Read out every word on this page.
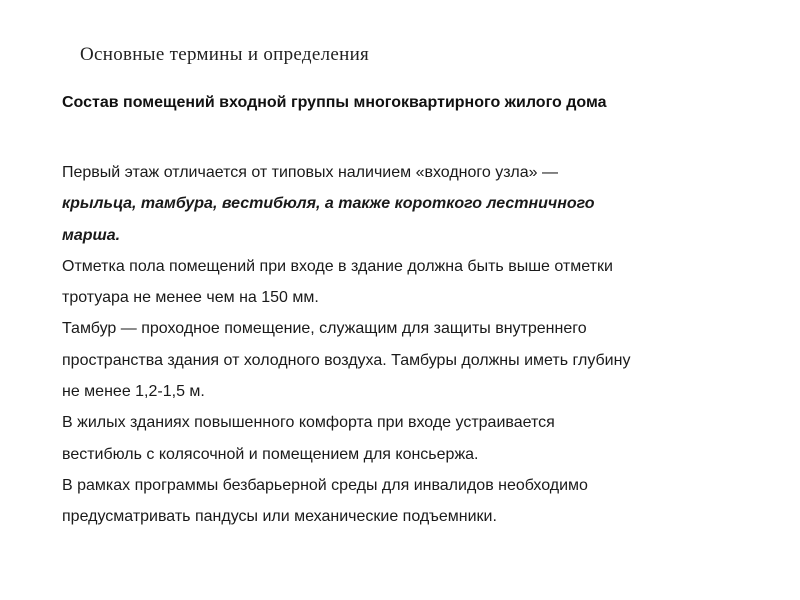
Основные термины и определения
Состав помещений входной группы многоквартирного жилого дома

Первый этаж отличается от типовых наличием «входного узла» —
крыльца, тамбура, вестибюля, а также короткого лестничного
марша.

Отметка пола помещений при входе в здание должна быть выше отметки
тротуара не менее чем на 150 мм.

Тамбур — проходное помещение, служащим для защиты внутреннего
пространства здания от холодного воздуха. Тамбуры должны иметь глубину
не менее 1,2-1,5 м.

В жилых зданиях повышенного комфорта при входе устраивается
вестибюль с колясочной и помещением для консьержа.

В рамках программы безбарьерной среды для инвалидов необходимо
предусматривать пандусы или механические подъемники.
